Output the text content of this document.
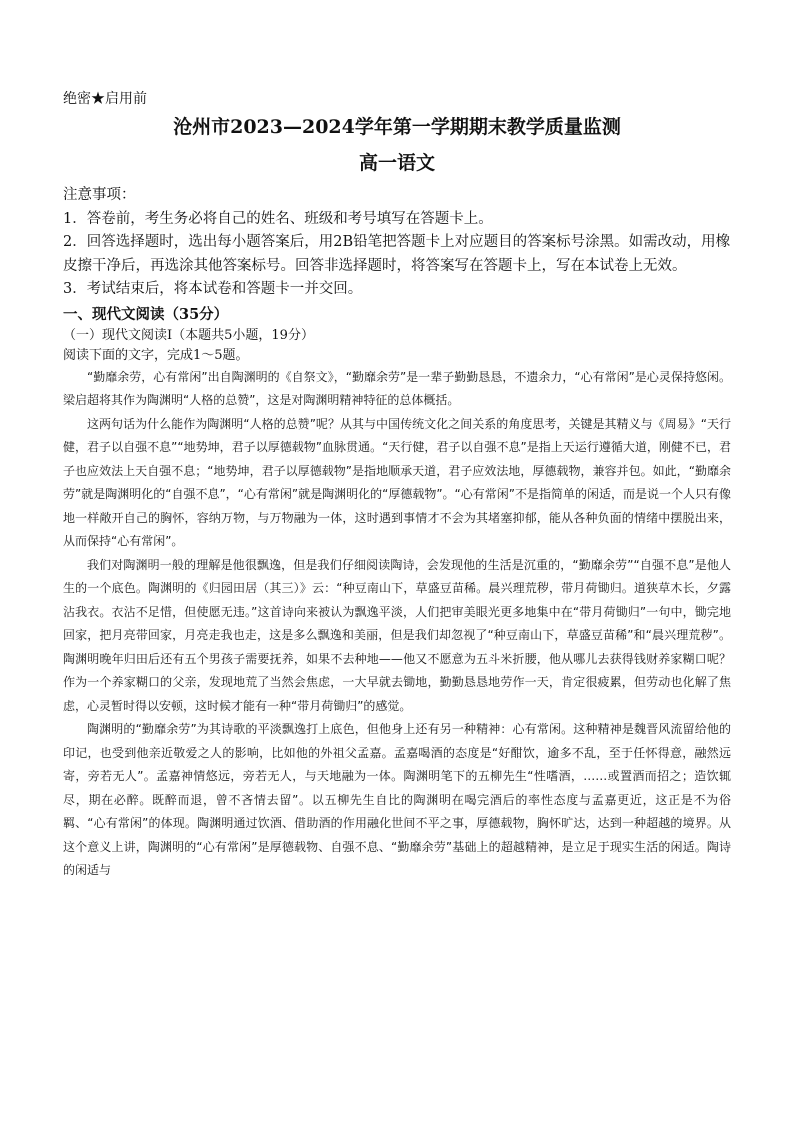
绝密★启用前
沧州市2023—2024学年第一学期期末教学质量监测
高一语文

注意事项：

1．答卷前，考生务必将自己的姓名、班级和考号填写在答题卡上。

2．回答选择题时，选出每小题答案后，用2B铅笔把答题卡上对应题目的答案标号涂黑。如需改动，用橡皮擦干净后，再选涂其他答案标号。回答非选择题时，将答案写在答题卡上，写在本试卷上无效。

3．考试结束后，将本试卷和答题卡一并交回。

一、现代文阅读（35分）
（一）现代文阅读Ⅰ（本题共5小题，19分）
阅读下面的文字，完成1～5题。

“勤靡余劳，心有常闲”出自陶渊明的《自祭文》，“勤靡余劳”是一辈子勤勤恳恳，不遗余力，“心有常闲”是心灵保持悠闲。梁启超将其作为陶渊明“人格的总赞”，这是对陶渊明精神特征的总体概括。

这两句话为什么能作为陶渊明“人格的总赞”呢？从其与中国传统文化之间关系的角度思考，关键是其精义与《周易》“天行健，君子以自强不息”“地势坤，君子以厚德载物”血脉贯通。“天行健，君子以自强不息”是指上天运行遵循大道，刚健不已，君子也应效法上天自强不息；“地势坤，君子以厚德载物”是指地顺承天道，君子应效法地，厚德载物，兼容并包。如此，“勤靡余劳”就是陶渊明化的“自强不息”，“心有常闲”就是陶渊明化的“厚德载物”。“心有常闲”不是指简单的闲适，而是说一个人只有像地一样敞开自己的胸怀，容纳万物，与万物融为一体，这时遇到事情才不会为其堵塞抑郁，能从各种负面的情绪中摆脱出来，从而保持“心有常闲”。

我们对陶渊明一般的理解是他很飘逸，但是我们仔细阅读陶诗，会发现他的生活是沉重的，“勤靡余劳”“自强不息”是他人生的一个底色。陶渊明的《归园田居（其三）》云：“种豆南山下，草盛豆苗稀。晨兴理荒秽，带月荷锄归。道狭草木长，夕露沾我衣。衣沾不足惜，但使愿无违。”这首诗向来被认为飘逸平淡，人们把审美眼光更多地集中在“带月荷锄归”一句中，锄完地回家，把月亮带回家，月亮走我也走，这是多么飘逸和美丽，但是我们却忽视了“种豆南山下，草盛豆苗稀”和“晨兴理荒秽”。陶渊明晚年归田后还有五个男孩子需要抚养，如果不去种地——他又不愿意为五斗米折腰，他从哪儿去获得钱财养家糊口呢？作为一个养家糊口的父亲，发现地荒了当然会焦虑，一大早就去锄地，勤勤恳恳地劳作一天，肯定很疲累，但劳动也化解了焦虑，心灵暂时得以安顿，这时候才能有一种“带月荷锄归”的感觉。

陶渊明的“勤靡余劳”为其诗歌的平淡飘逸打上底色，但他身上还有另一种精神：心有常闲。这种精神是魏晋风流留给他的印记，也受到他亲近敬爱之人的影响，比如他的外祖父孟嘉。孟嘉喝酒的态度是“好酣饮，逾多不乱，至于任怀得意，融然远寄，旁若无人”。孟嘉神情悠远，旁若无人，与天地融为一体。陶渊明笔下的五柳先生“性嗜酒，……或置酒而招之；造饮辄尽，期在必醉。既醉而退，曾不吝情去留”。以五柳先生自比的陶渊明在喝完酒后的率性态度与孟嘉更近，这正是不为俗羁、“心有常闲”的体现。陶渊明通过饮酒、借助酒的作用融化世间不平之事，厚德载物，胸怀旷达，达到一种超越的境界。从这个意义上讲，陶渊明的“心有常闲”是厚德载物、自强不息、“勤靡余劳”基础上的超越精神，是立足于现实生活的闲适。陶诗的闲适与
